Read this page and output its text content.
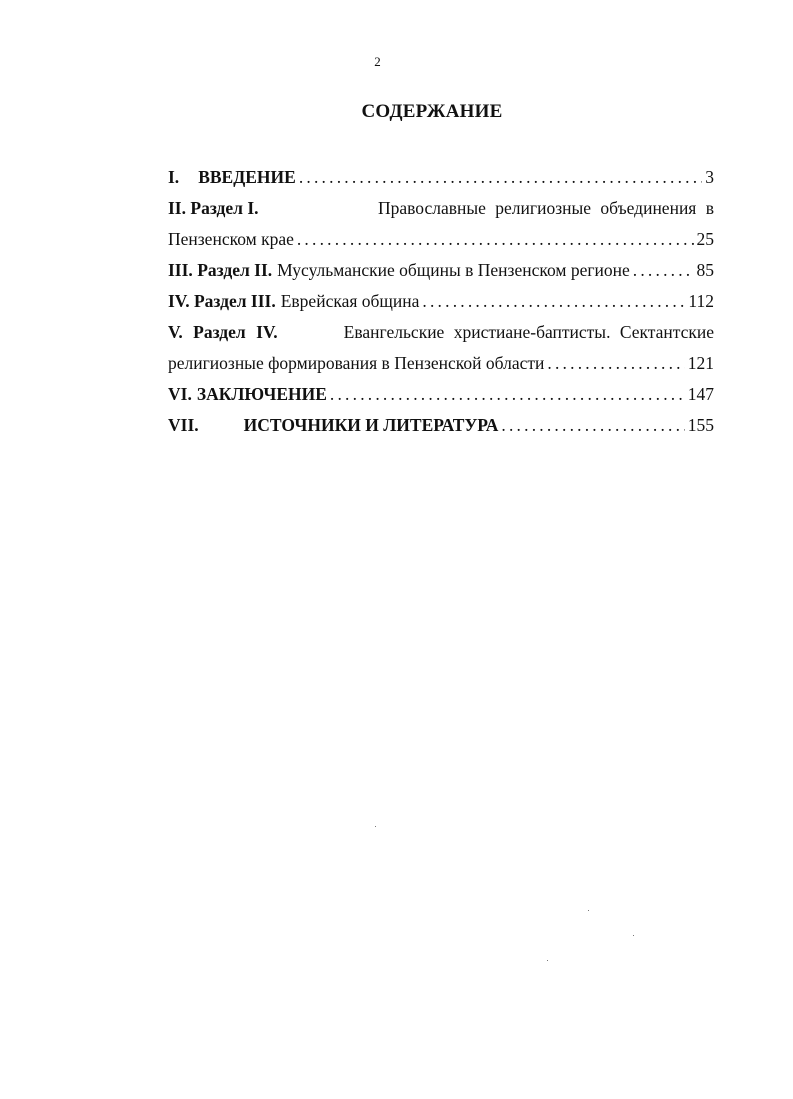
2
СОДЕРЖАНИЕ
I. ВВЕДЕНИЕ .....	3
II. Раздел I.	Православные религиозные объединения в
Пензенском крае .....	25
III. Раздел II. Мусульманские общины в Пензенском регионе .....	85
IV. Раздел III. Еврейская община .....	112
V. Раздел IV.	Евангельские христиане-баптисты. Сектантские
религиозные формирования в Пензенской области .....	121
VI. ЗАКЛЮЧЕНИЕ .....	147
VII.	ИСТОЧНИКИ И ЛИТЕРАТУРА .....	155
